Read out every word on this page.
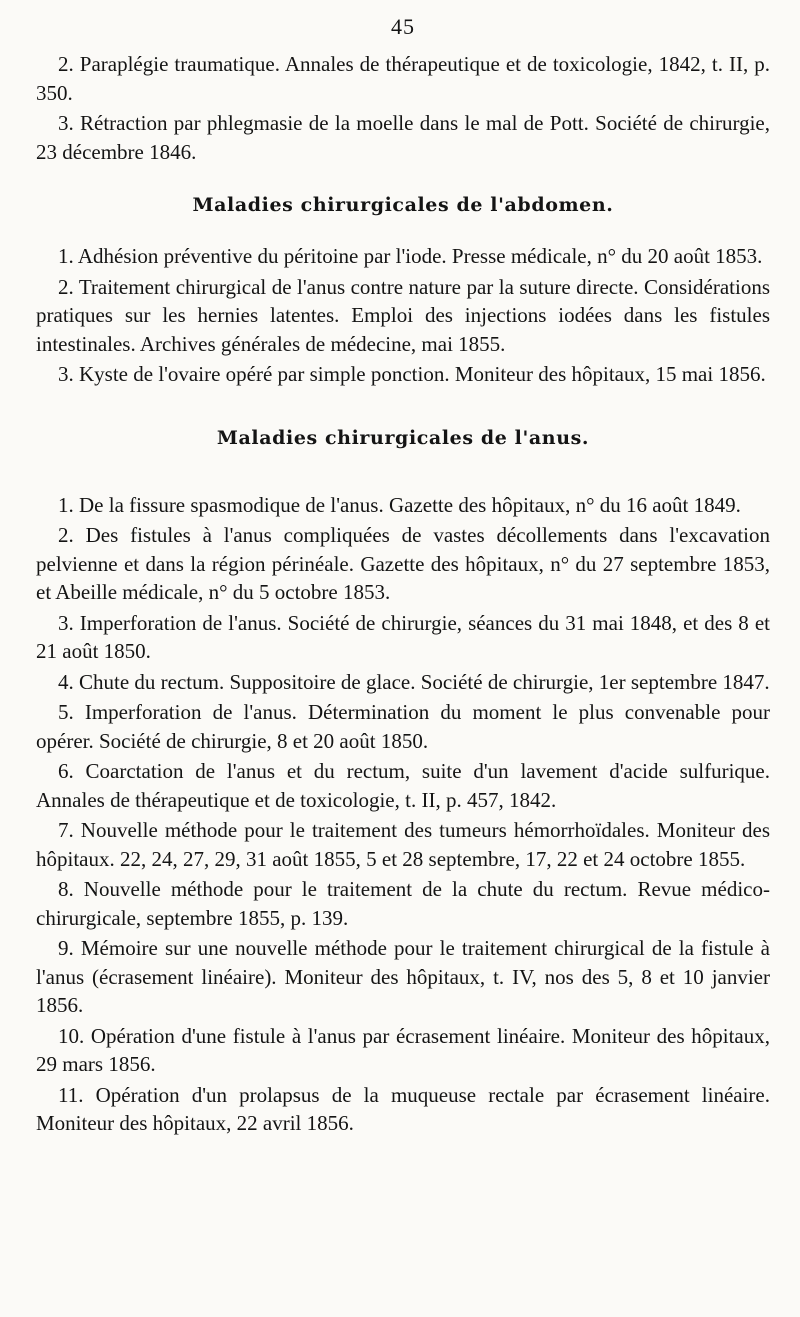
45

2. Paraplégie traumatique. Annales de thérapeutique et de toxicologie, 1842, t. II, p. 350.

3. Rétraction par phlegmasie de la moelle dans le mal de Pott. Société de chirurgie, 23 décembre 1846.

Maladies chirurgicales de l'abdomen.

1. Adhésion préventive du péritoine par l'iode. Presse médicale, n° du 20 août 1853.

2. Traitement chirurgical de l'anus contre nature par la suture directe. Considérations pratiques sur les hernies latentes. Emploi des injections iodées dans les fistules intestinales. Archives générales de médecine, mai 1855.

3. Kyste de l'ovaire opéré par simple ponction. Moniteur des hôpitaux, 15 mai 1856.

Maladies chirurgicales de l'anus.

1. De la fissure spasmodique de l'anus. Gazette des hôpitaux, n° du 16 août 1849.

2. Des fistules à l'anus compliquées de vastes décollements dans l'excavation pelvienne et dans la région périnéale. Gazette des hôpitaux, n° du 27 septembre 1853, et Abeille médicale, n° du 5 octobre 1853.

3. Imperforation de l'anus. Société de chirurgie, séances du 31 mai 1848, et des 8 et 21 août 1850.

4. Chute du rectum. Suppositoire de glace. Société de chirurgie, 1er septembre 1847.

5. Imperforation de l'anus. Détermination du moment le plus convenable pour opérer. Société de chirurgie, 8 et 20 août 1850.

6. Coarctation de l'anus et du rectum, suite d'un lavement d'acide sulfurique. Annales de thérapeutique et de toxicologie, t. II, p. 457, 1842.

7. Nouvelle méthode pour le traitement des tumeurs hémorrhoïdales. Moniteur des hôpitaux. 22, 24, 27, 29, 31 août 1855, 5 et 28 septembre, 17, 22 et 24 octobre 1855.

8. Nouvelle méthode pour le traitement de la chute du rectum. Revue médico-chirurgicale, septembre 1855, p. 139.

9. Mémoire sur une nouvelle méthode pour le traitement chirurgical de la fistule à l'anus (écrasement linéaire). Moniteur des hôpitaux, t. IV, nos des 5, 8 et 10 janvier 1856.

10. Opération d'une fistule à l'anus par écrasement linéaire. Moniteur des hôpitaux, 29 mars 1856.

11. Opération d'un prolapsus de la muqueuse rectale par écrasement linéaire. Moniteur des hôpitaux, 22 avril 1856.
